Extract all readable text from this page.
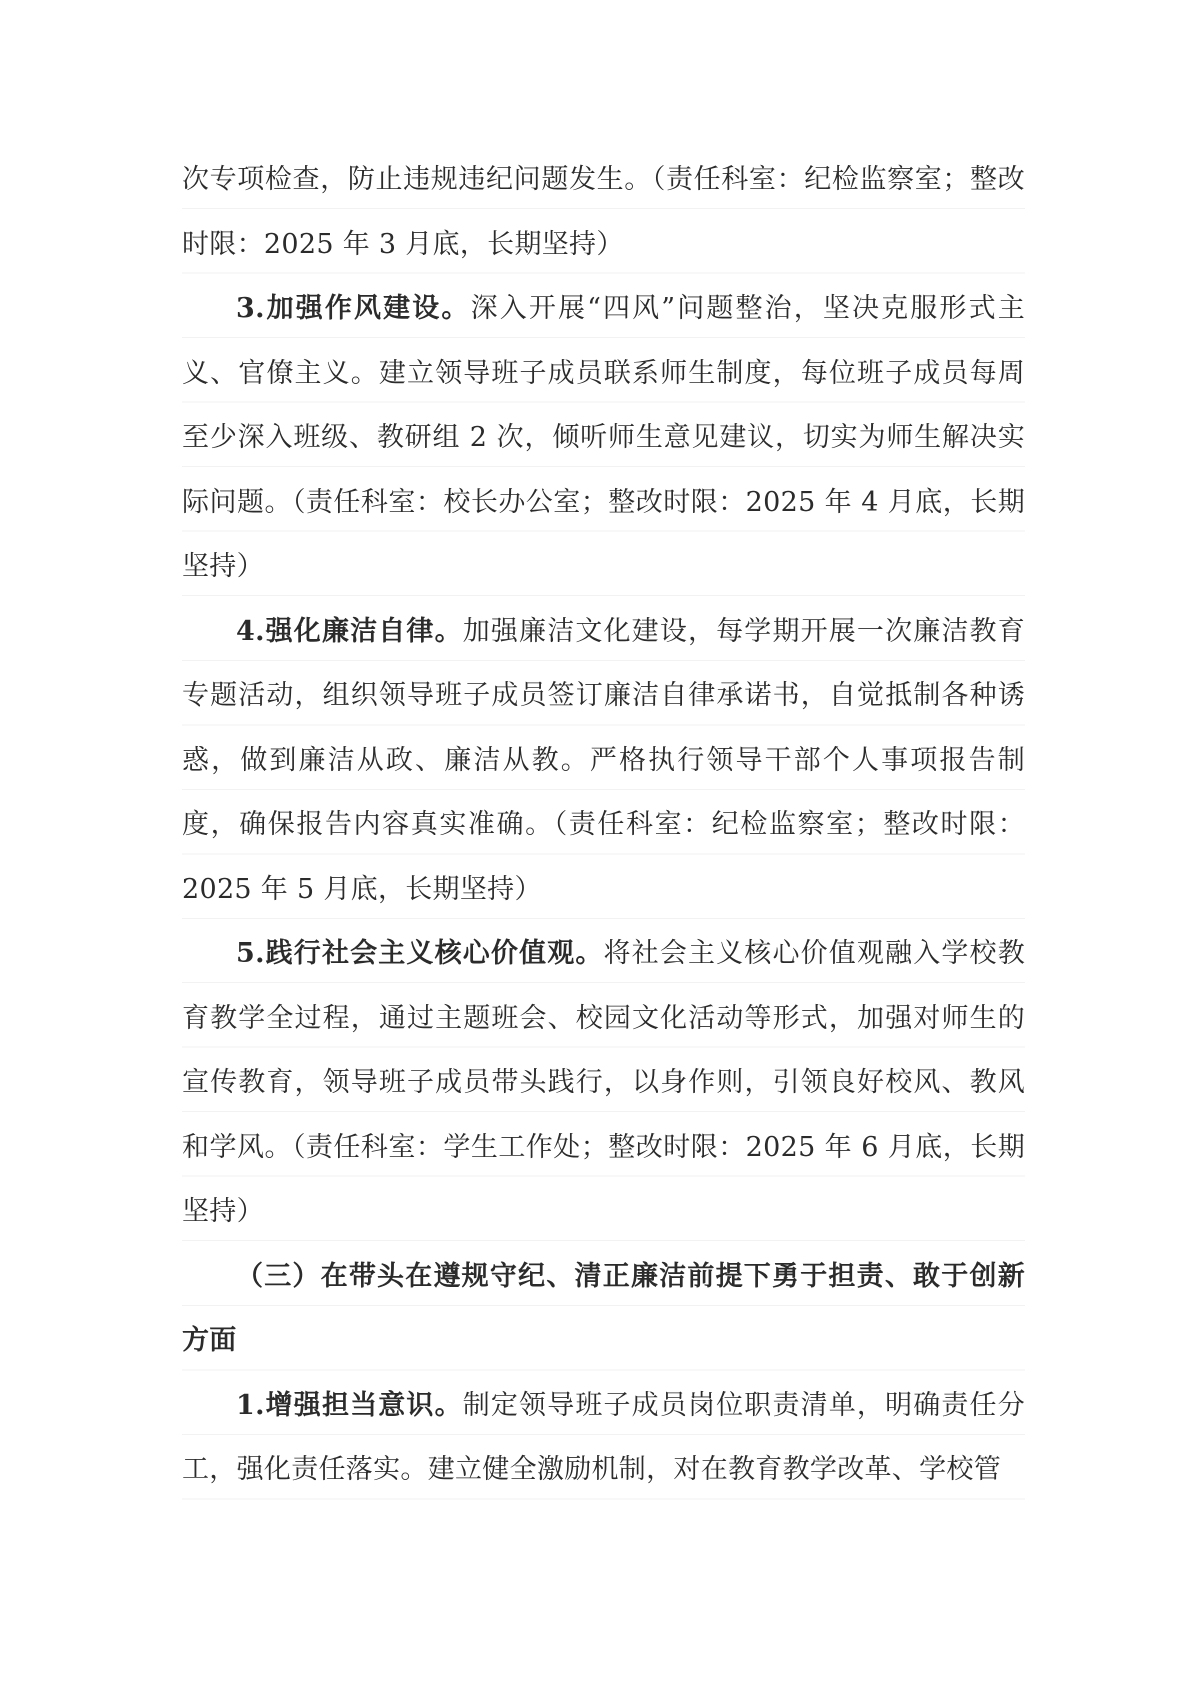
次专项检查，防止违规违纪问题发生。（责任科室：纪检监察室；整改时限：2025 年 3 月底，长期坚持）

3.加强作风建设。深入开展“四风”问题整治，坚决克服形式主义、官僚主义。建立领导班子成员联系师生制度，每位班子成员每周至少深入班级、教研组 2 次，倾听师生意见建议，切实为师生解决实际问题。（责任科室：校长办公室；整改时限：2025 年 4 月底，长期坚持）

4.强化廉洁自律。加强廉洁文化建设，每学期开展一次廉洁教育专题活动，组织领导班子成员签订廉洁自律承诺书，自觉抵制各种诱惑，做到廉洁从政、廉洁从教。严格执行领导干部个人事项报告制度，确保报告内容真实准确。（责任科室：纪检监察室；整改时限：2025 年 5 月底，长期坚持）

5.践行社会主义核心价值观。将社会主义核心价值观融入学校教育教学全过程，通过主题班会、校园文化活动等形式，加强对师生的宣传教育，领导班子成员带头践行，以身作则，引领良好校风、教风和学风。（责任科室：学生工作处；整改时限：2025 年 6 月底，长期坚持）

（三）在带头在遵规守纪、清正廉洁前提下勇于担责、敢于创新方面

1.增强担当意识。制定领导班子成员岗位职责清单，明确责任分工，强化责任落实。建立健全激励机制，对在教育教学改革、学校管
